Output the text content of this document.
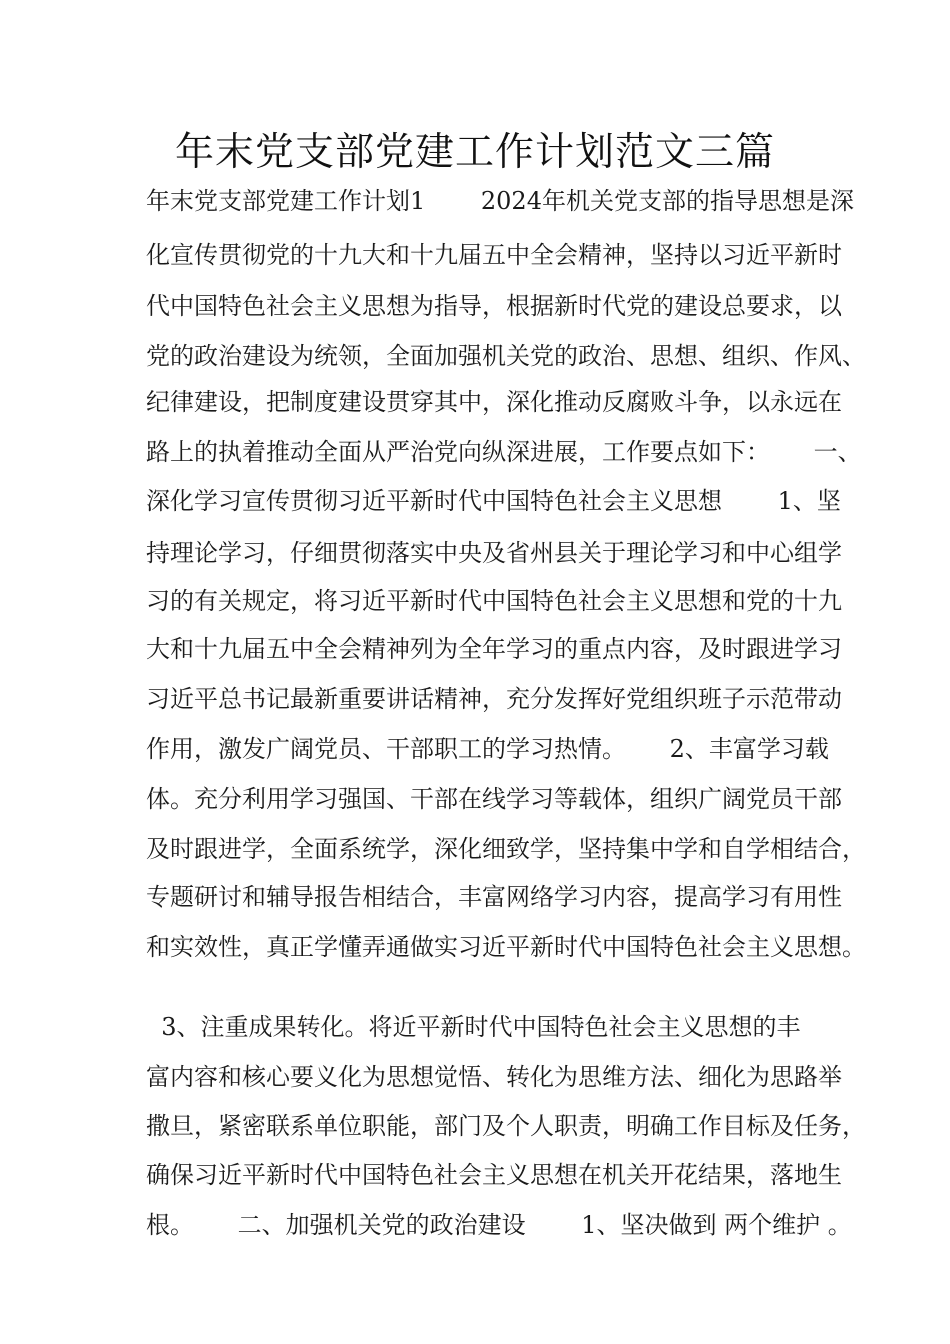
年末党支部党建工作计划范文三篇
年末党支部党建工作计划1　　 2024年机关党支部的指导思想是深
化宣传贯彻党的十九大和十九届五中全会精神，坚持以习近平新时
代中国特色社会主义思想为指导，根据新时代党的建设总要求，以
党的政治建设为统领，全面加强机关党的政治、思想、组织、作风、
纪律建设，把制度建设贯穿其中，深化推动反腐败斗争，以永远在
路上的执着推动全面从严治党向纵深进展，工作要点如下：　　 一、
深化学习宣传贯彻习近平新时代中国特色社会主义思想　　 1、坚
持理论学习，仔细贯彻落实中央及省州县关于理论学习和中心组学
习的有关规定，将习近平新时代中国特色社会主义思想和党的十九
大和十九届五中全会精神列为全年学习的重点内容，及时跟进学习
习近平总书记最新重要讲话精神，充分发挥好党组织班子示范带动
作用，激发广阔党员、干部职工的学习热情。　　 2、丰富学习载
体。充分利用学习强国、干部在线学习等载体，组织广阔党员干部
及时跟进学，全面系统学，深化细致学，坚持集中学和自学相结合，
专题研讨和辅导报告相结合，丰富网络学习内容，提高学习有用性
和实效性，真正学懂弄通做实习近平新时代中国特色社会主义思想。
3、注重成果转化。将近平新时代中国特色社会主义思想的丰
富内容和核心要义化为思想觉悟、转化为思维方法、细化为思路举
撒旦，紧密联系单位职能，部门及个人职责，明确工作目标及任务，
确保习近平新时代中国特色社会主义思想在机关开花结果，落地生
根。　　 二、加强机关党的政治建设　　 1、坚决做到 两个维护 。
